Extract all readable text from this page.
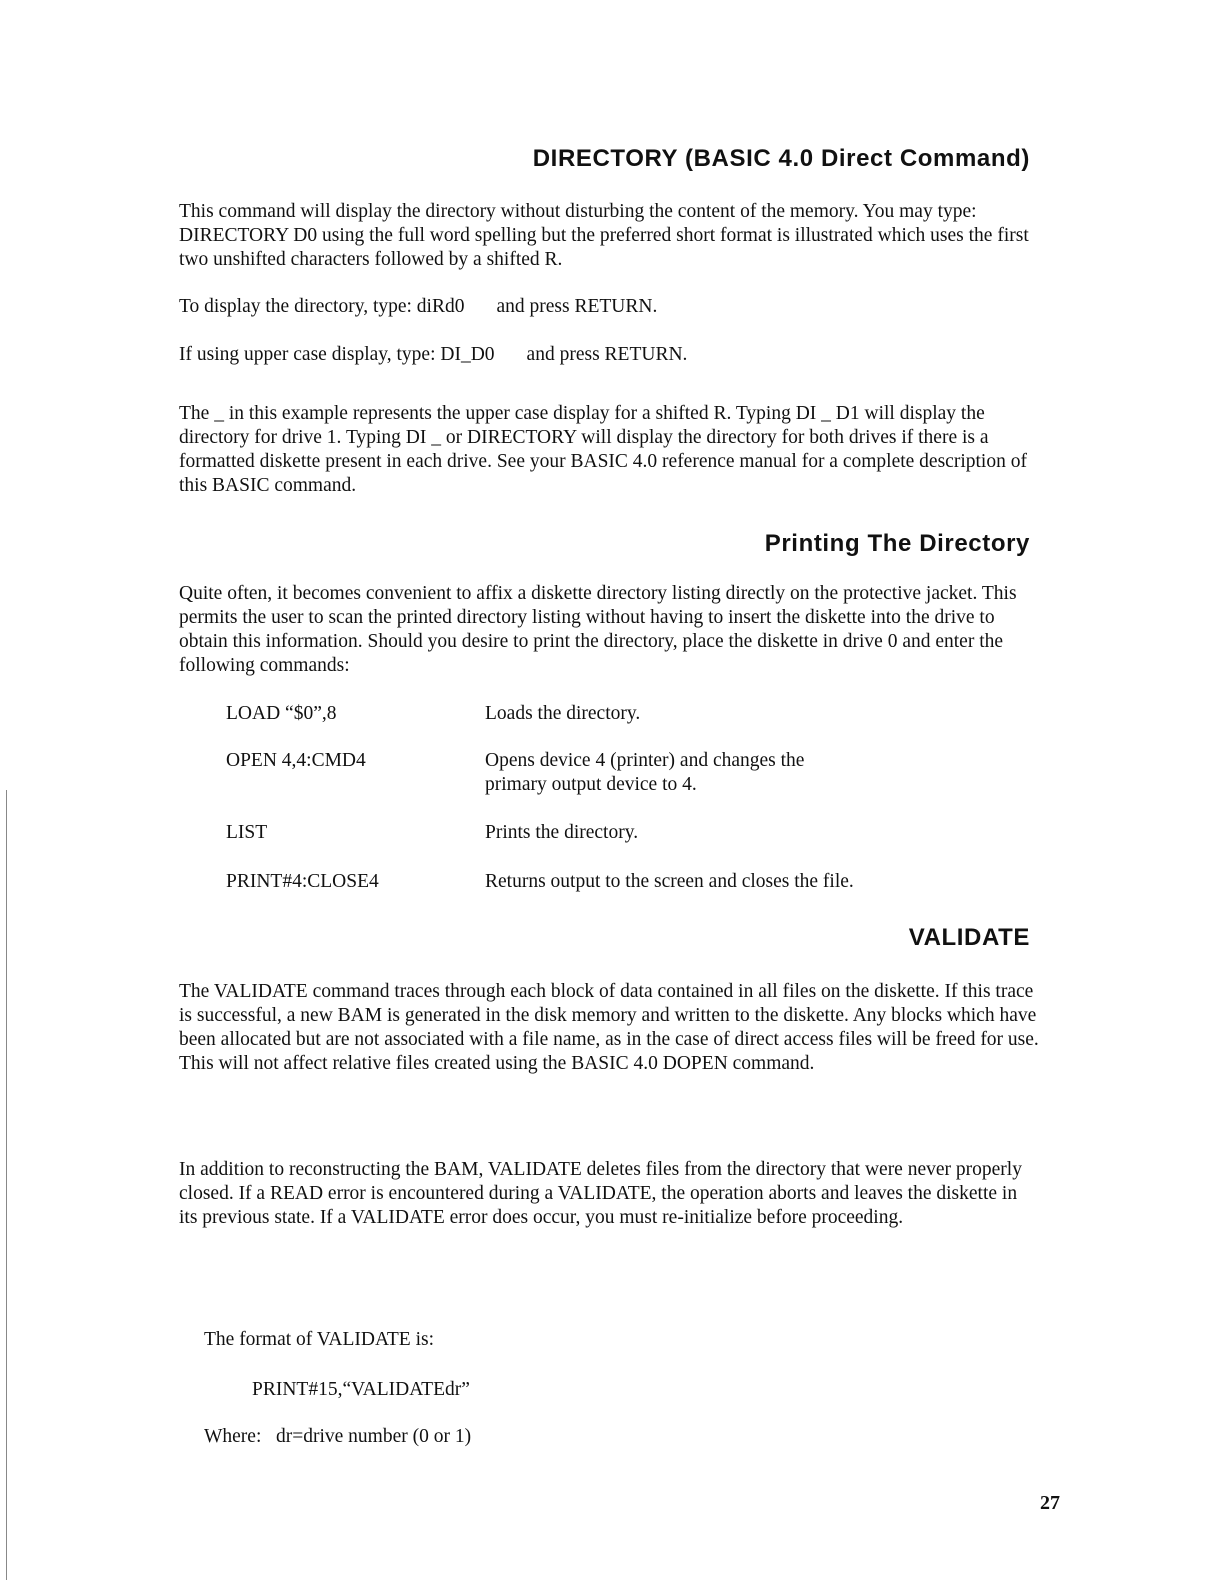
DIRECTORY (BASIC 4.0 Direct Command)

This command will display the directory without disturbing the content of the memory. You may type: DIRECTORY D0 using the full word spelling but the preferred short format is illustrated which uses the first two unshifted characters followed by a shifted R.

To display the directory, type: diRd0 and press RETURN.
If using upper case display, type: DI_D0 and press RETURN.

The _ in this example represents the upper case display for a shifted R. Typing DI _ D1 will display the directory for drive 1. Typing DI _ or DIRECTORY will display the directory for both drives if there is a formatted diskette present in each drive. See your BASIC 4.0 reference manual for a complete description of this BASIC command.

Printing The Directory

Quite often, it becomes convenient to affix a diskette directory listing directly on the protective jacket. This permits the user to scan the printed directory listing without having to insert the diskette into the drive to obtain this information. Should you desire to print the directory, place the diskette in drive 0 and enter the following commands:

LOAD “$0”,8	Loads the directory.
OPEN 4,4:CMD4	Opens device 4 (printer) and changes the primary output device to 4.
LIST	Prints the directory.
PRINT#4:CLOSE4	Returns output to the screen and closes the file.
VALIDATE

The VALIDATE command traces through each block of data contained in all files on the diskette. If this trace is successful, a new BAM is generated in the disk memory and written to the diskette. Any blocks which have been allocated but are not associated with a file name, as in the case of direct access files will be freed for use. This will not affect relative files created using the BASIC 4.0 DOPEN command.

In addition to reconstructing the BAM, VALIDATE deletes files from the directory that were never properly closed. If a READ error is encountered during a VALIDATE, the operation aborts and leaves the diskette in its previous state. If a VALIDATE error does occur, you must re-initialize before proceeding.

The format of VALIDATE is:
PRINT#15,“VALIDATEdr”
Where:   dr=drive number (0 or 1)
27
